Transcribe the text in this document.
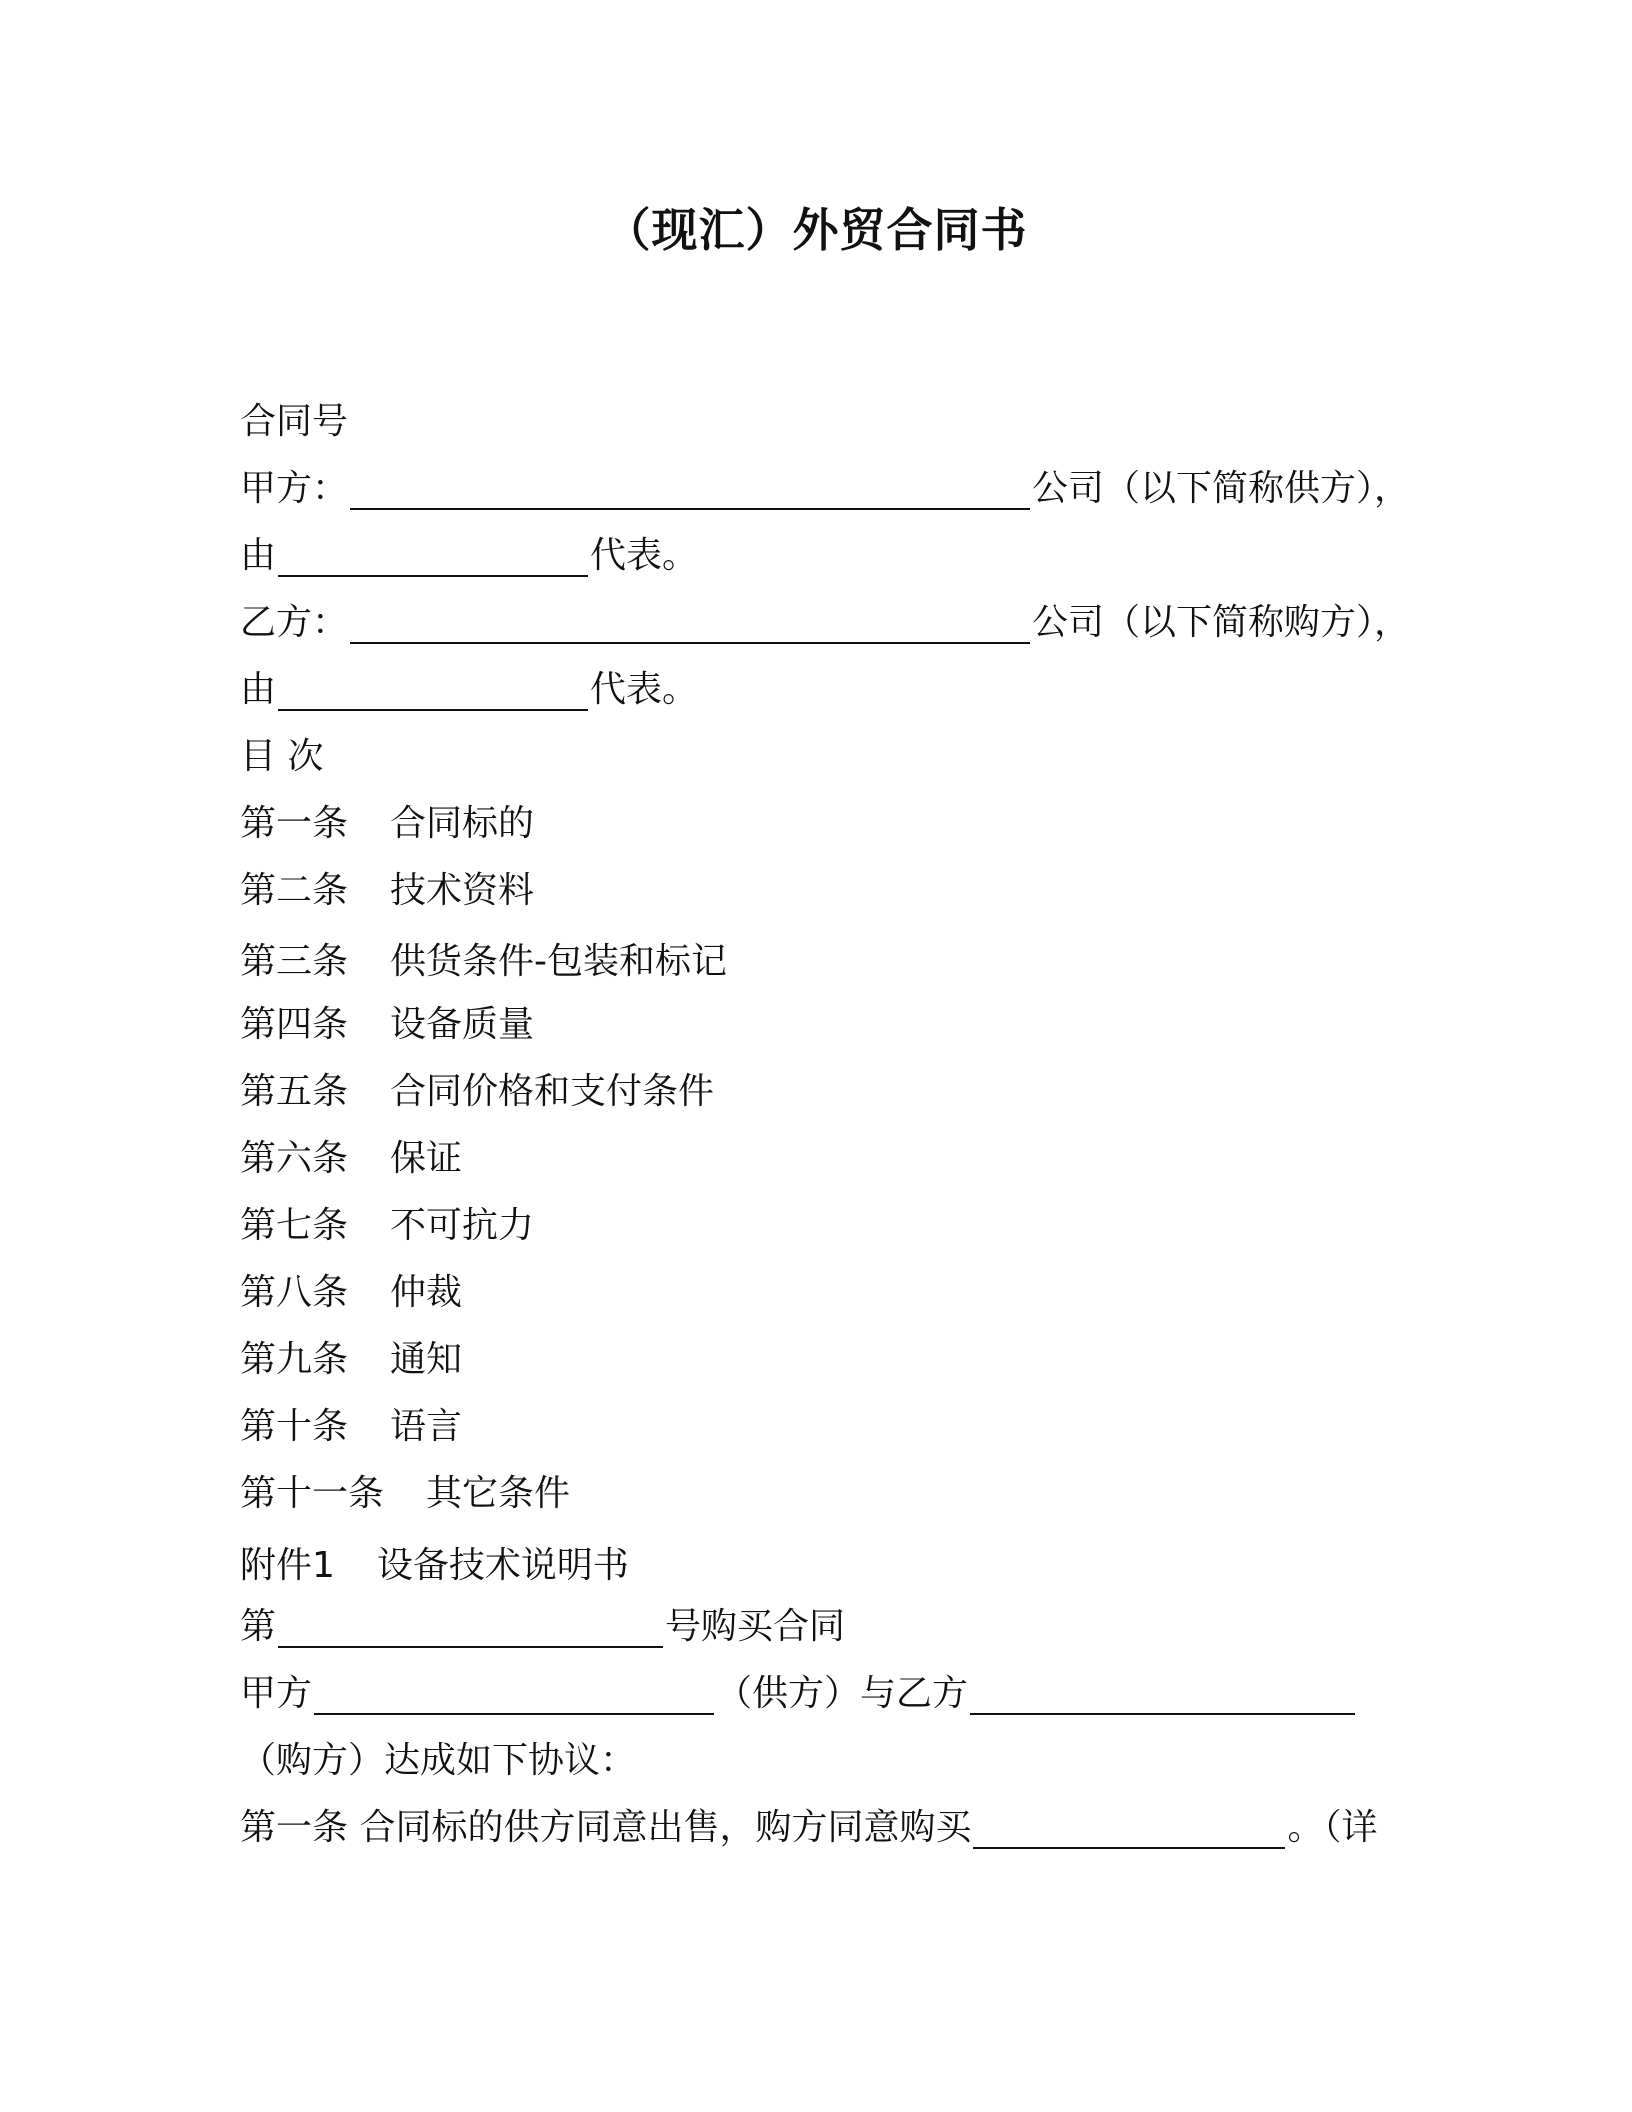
（现汇）外贸合同书
合同号
甲方：	公司（以下简称供方），
由	代表。
乙方：	公司（以下简称购方），
由	代表。
目 次
第一条 合同标的
第二条 技术资料
第三条 供货条件-包装和标记
第四条 设备质量
第五条 合同价格和支付条件
第六条 保证
第七条 不可抗力
第八条 仲裁
第九条 通知
第十条 语言
第十一条 其它条件
附件1 设备技术说明书
第	号购买合同
甲方	（供方）与乙方
（购方）达成如下协议：
第一条 合同标的供方同意出售，购方同意购买	。（详
